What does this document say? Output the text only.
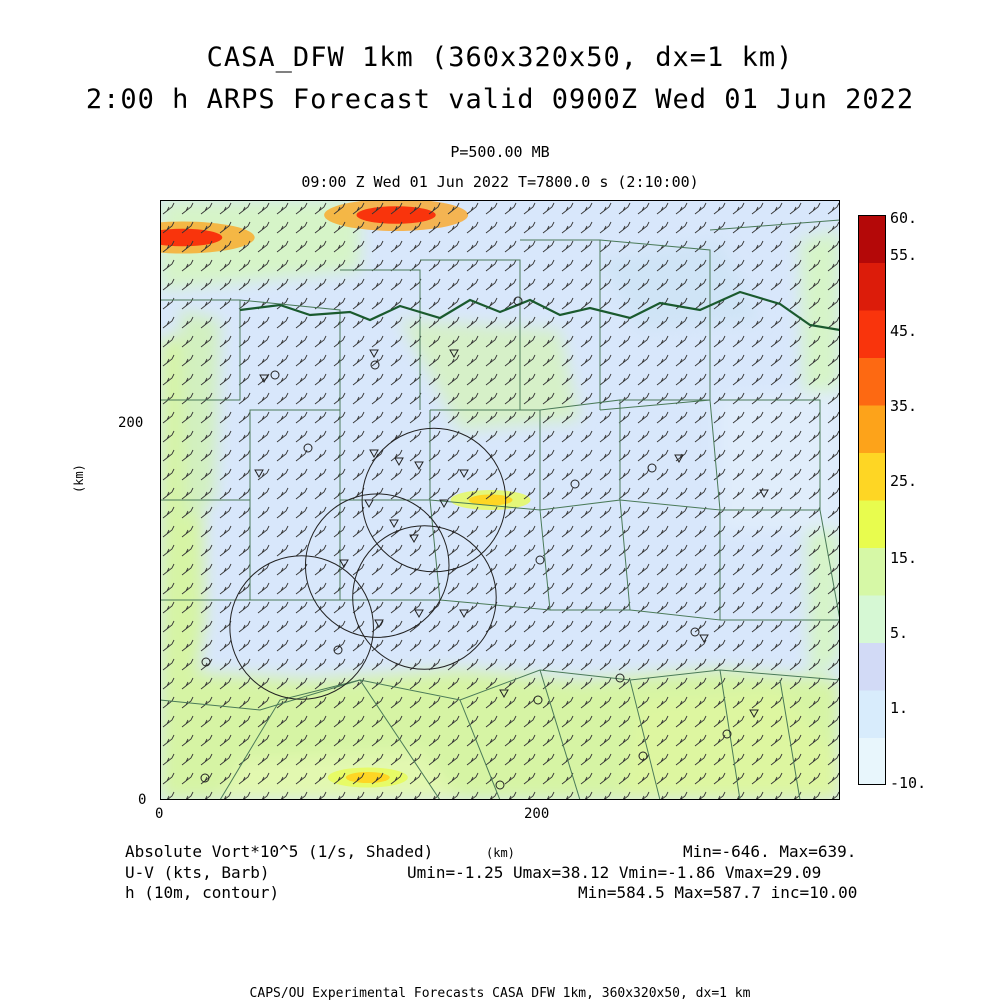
CASA_DFW 1km (360x320x50, dx=1 km)
2:00 h ARPS Forecast valid 0900Z Wed 01 Jun 2022
P=500.00 MB
09:00 Z Wed 01 Jun 2022 T=7800.0 s (2:10:00)
200
0
0	200
(km)
60.
55.
45.
35.
25.
15.
5.
1.
-10.
Absolute Vort*10^5 (1/s, Shaded)	Min=-646. Max=639.
U-V (kts, Barb)	Umin=-1.25 Umax=38.12 Vmin=-1.86 Vmax=29.09
h (10m, contour)	Min=584.5 Max=587.7 inc=10.00
(km)
CAPS/OU Experimental Forecasts CASA DFW 1km, 360x320x50, dx=1 km
